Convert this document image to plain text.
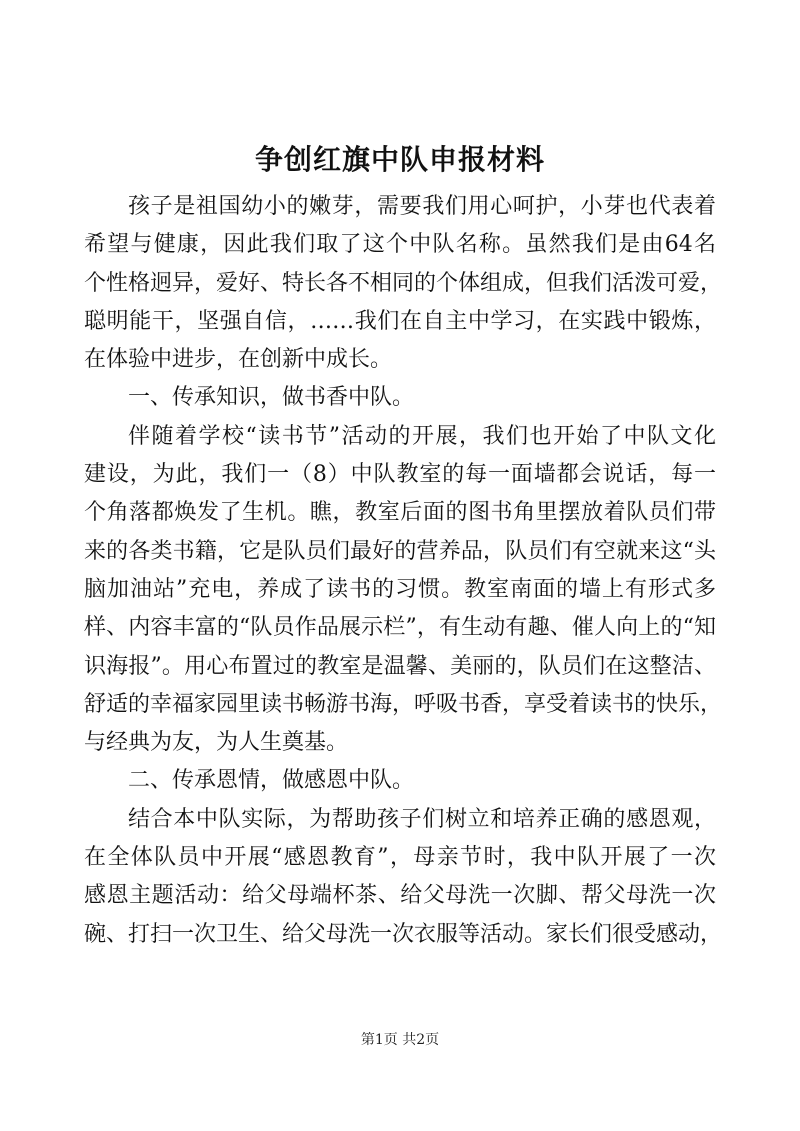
争创红旗中队申报材料

孩子是祖国幼小的嫩芽，需要我们用心呵护，小芽也代表着

希望与健康，因此我们取了这个中队名称。虽然我们是由64名

个性格迥异，爱好、特长各不相同的个体组成，但我们活泼可爱，

聪明能干，坚强自信，……我们在自主中学习，在实践中锻炼，

在体验中进步，在创新中成长。

一、传承知识，做书香中队。

伴随着学校“读书节”活动的开展，我们也开始了中队文化

建设，为此，我们一（8）中队教室的每一面墙都会说话，每一

个角落都焕发了生机。瞧，教室后面的图书角里摆放着队员们带

来的各类书籍，它是队员们最好的营养品，队员们有空就来这“头

脑加油站”充电，养成了读书的习惯。教室南面的墙上有形式多

样、内容丰富的“队员作品展示栏”，有生动有趣、催人向上的“知

识海报”。用心布置过的教室是温馨、美丽的，队员们在这整洁、

舒适的幸福家园里读书畅游书海，呼吸书香，享受着读书的快乐，

与经典为友，为人生奠基。

二、传承恩情，做感恩中队。

结合本中队实际，为帮助孩子们树立和培养正确的感恩观，

在全体队员中开展“感恩教育”，母亲节时，我中队开展了一次

感恩主题活动：给父母端杯茶、给父母洗一次脚、帮父母洗一次

碗、打扫一次卫生、给父母洗一次衣服等活动。家长们很受感动，

第1页 共2页
